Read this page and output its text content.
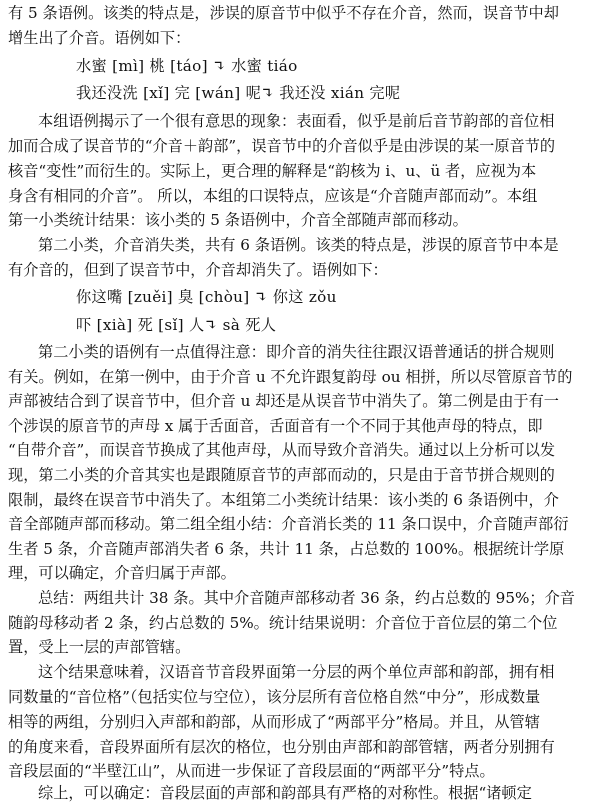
有 5 条语例。该类的特点是，涉误的原音节中似乎不存在介音，然而，误音节中却
增生出了介音。语例如下：
水蜜 [mì] 桃 [táo] ↴ 水蜜 tiáo
我还没洗 [xǐ] 完 [wán] 呢↴ 我还没 xián 完呢
本组语例揭示了一个很有意思的现象：表面看，似乎是前后音节韵部的音位相
加而合成了误音节的“介音＋韵部”，误音节中的介音似乎是由涉误的某一原音节的
核音“变性”而衍生的。实际上，更合理的解释是“韵核为 i、u、ü 者，应视为本
身含有相同的介音”。 所以，本组的口误特点，应该是“介音随声部而动”。本组
第一小类统计结果：该小类的 5 条语例中，介音全部随声部而移动。
第二小类，介音消失类，共有 6 条语例。该类的特点是，涉误的原音节中本是
有介音的，但到了误音节中，介音却消失了。语例如下：
你这嘴 [zuěi] 臭 [chòu] ↴ 你这 zǒu
吓 [xià] 死 [sǐ] 人↴ sà 死人
第二小类的语例有一点值得注意：即介音的消失往往跟汉语普通话的拼合规则
有关。例如，在第一例中，由于介音 u 不允许跟复韵母 ou 相拼，所以尽管原音节的
声部被结合到了误音节中，但介音 u 却还是从误音节中消失了。第二例是由于有一
个涉误的原音节的声母 x 属于舌面音，舌面音有一个不同于其他声母的特点，即
“自带介音”，而误音节换成了其他声母，从而导致介音消失。通过以上分析可以发
现，第二小类的介音其实也是跟随原音节的声部而动的，只是由于音节拼合规则的
限制，最终在误音节中消失了。本组第二小类统计结果：该小类的 6 条语例中，介
音全部随声部而移动。第二组全组小结：介音消长类的 11 条口误中，介音随声部衍
生者 5 条，介音随声部消失者 6 条，共计 11 条，占总数的 100%。根据统计学原
理，可以确定，介音归属于声部。
总结：两组共计 38 条。其中介音随声部移动者 36 条，约占总数的 95%；介音
随韵母移动者 2 条，约占总数的 5%。统计结果说明：介音位于音位层的第二个位
置，受上一层的声部管辖。
这个结果意味着，汉语音节音段界面第一分层的两个单位声部和韵部，拥有相
同数量的“音位格”（包括实位与空位），该分层所有音位格自然“中分”，形成数量
相等的两组，分别归入声部和韵部，从而形成了“两部平分”格局。并且，从管辖
的角度来看，音段界面所有层次的格位，也分别由声部和韵部管辖，两者分别拥有
音段层面的“半壁江山”，从而进一步保证了音段层面的“两部平分”特点。
综上，可以确定：音段层面的声部和韵部具有严格的对称性。根据“诸顿定
